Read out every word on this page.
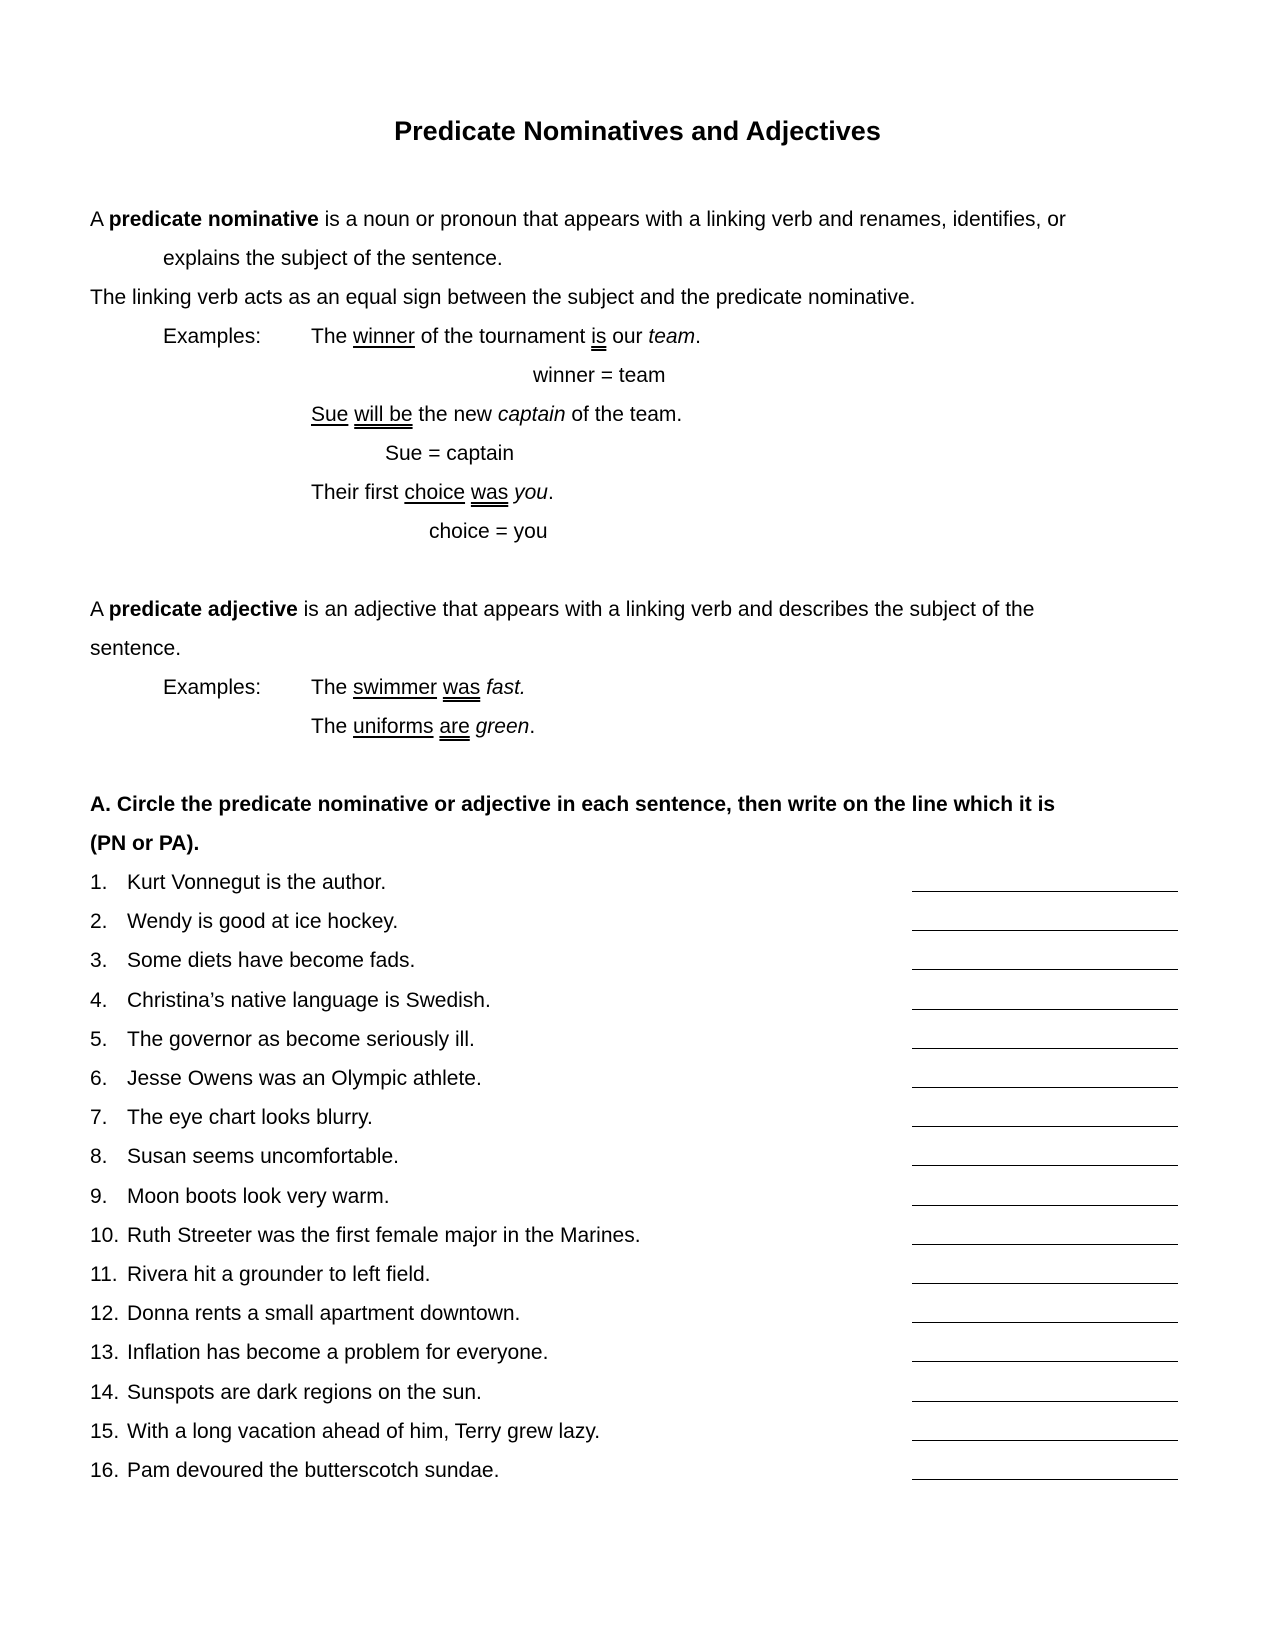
Predicate Nominatives and Adjectives
A predicate nominative is a noun or pronoun that appears with a linking verb and renames, identifies, or
explains the subject of the sentence.
The linking verb acts as an equal sign between the subject and the predicate nominative.
Examples: The winner of the tournament is our team.
winner = team
Sue will be the new captain of the team.
Sue = captain
Their first choice was you.
choice = you
A predicate adjective is an adjective that appears with a linking verb and describes the subject of the
sentence.
Examples: The swimmer was fast.
The uniforms are green.
A. Circle the predicate nominative or adjective in each sentence, then write on the line which it is
(PN or PA).
1. Kurt Vonnegut is the author.
2. Wendy is good at ice hockey.
3. Some diets have become fads.
4. Christina’s native language is Swedish.
5. The governor as become seriously ill.
6. Jesse Owens was an Olympic athlete.
7. The eye chart looks blurry.
8. Susan seems uncomfortable.
9. Moon boots look very warm.
10. Ruth Streeter was the first female major in the Marines.
11. Rivera hit a grounder to left field.
12. Donna rents a small apartment downtown.
13. Inflation has become a problem for everyone.
14. Sunspots are dark regions on the sun.
15. With a long vacation ahead of him, Terry grew lazy.
16. Pam devoured the butterscotch sundae.
